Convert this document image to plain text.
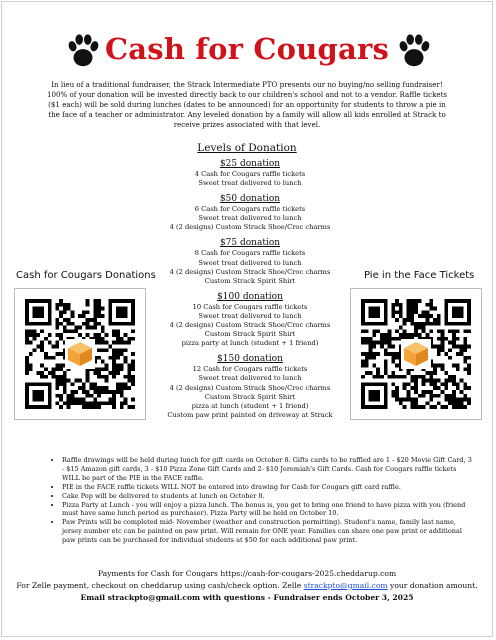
Cash for Cougars
In lieu of a traditional fundraiser, the Strack Intermediate PTO presents our no buying/no selling fundraiser! 100% of your donation will be invested directly back to our children's school and not to a vendor. Raffle tickets ($1 each) will be sold during lunches (dates to be announced) for an opportunity for students to throw a pie in the face of a teacher or administrator. Any leveled donation by a family will allow all kids enrolled at Strack to receive prizes associated with that level.
Levels of Donation
$25 donation
4 Cash for Cougars raffle tickets
Sweet treat delivered to lunch
$50 donation
6 Cash for Cougars raffle tickets
Sweet treat delivered to lunch
4 (2 designs) Custom Strack Shoe/Croc charms
$75 donation
8 Cash for Cougars raffle tickets
Sweet treat delivered to lunch
4 (2 designs) Custom Strack Shoe/Croc charms
Custom Strack Spirit Shirt
$100 donation
10 Cash for Cougars raffle tickets
Sweet treat delivered to lunch
4 (2 designs) Custom Strack Shoe/Croc charms
Custom Strack Spirit Shirt
pizza party at lunch (student + 1 friend)
$150 donation
12 Cash for Cougars raffle tickets
Sweet treat delivered to lunch
4 (2 designs) Custom Strack Shoe/Croc charms
Custom Strack Spirit Shirt
pizza at lunch (student + 1 friend)
Custom paw print painted on driveway at Strack
Cash for Cougars Donations	Pie in the Face Tickets
• Raffle drawings will be held during lunch for gift cards on October 8. Gifts cards to be raffled are 1 - $20 Movie Gift Card, 3 - $15 Amazon gift cards, 3 - $10 Pizza Zone Gift Cards and 2- $10 Jeremiah's Gift Cards. Cash for Cougars raffle tickets WILL be part of the PIE in the FACE raffle.
• PIE in the FACE raffle tickets WILL NOT be entered into drawing for Cash for Cougars gift card raffle.
• Cake Pop will be delivered to students at lunch on October 8.
• Pizza Party at Lunch - you will enjoy a pizza lunch. The bonus is, you get to bring one friend to have pizza with you (friend must have same lunch period as purchaser). Pizza Party will be held on October 10.
• Paw Prints will be completed mid- November (weather and construction permitting). Student's name, family last name, jersey number etc can be painted on paw print. Will remain for ONE year. Families can share one paw print or additional paw prints can be purchased for individual students at $50 for each additional paw print.
Payments for Cash for Cougars https://cash-for-cougars-2025.cheddarup.com
For Zelle payment, checkout on cheddarup using cash/check option. Zelle strackpto@gmail.com your donation amount.
Email strackpto@gmail.com with questions - Fundraiser ends October 3, 2025
